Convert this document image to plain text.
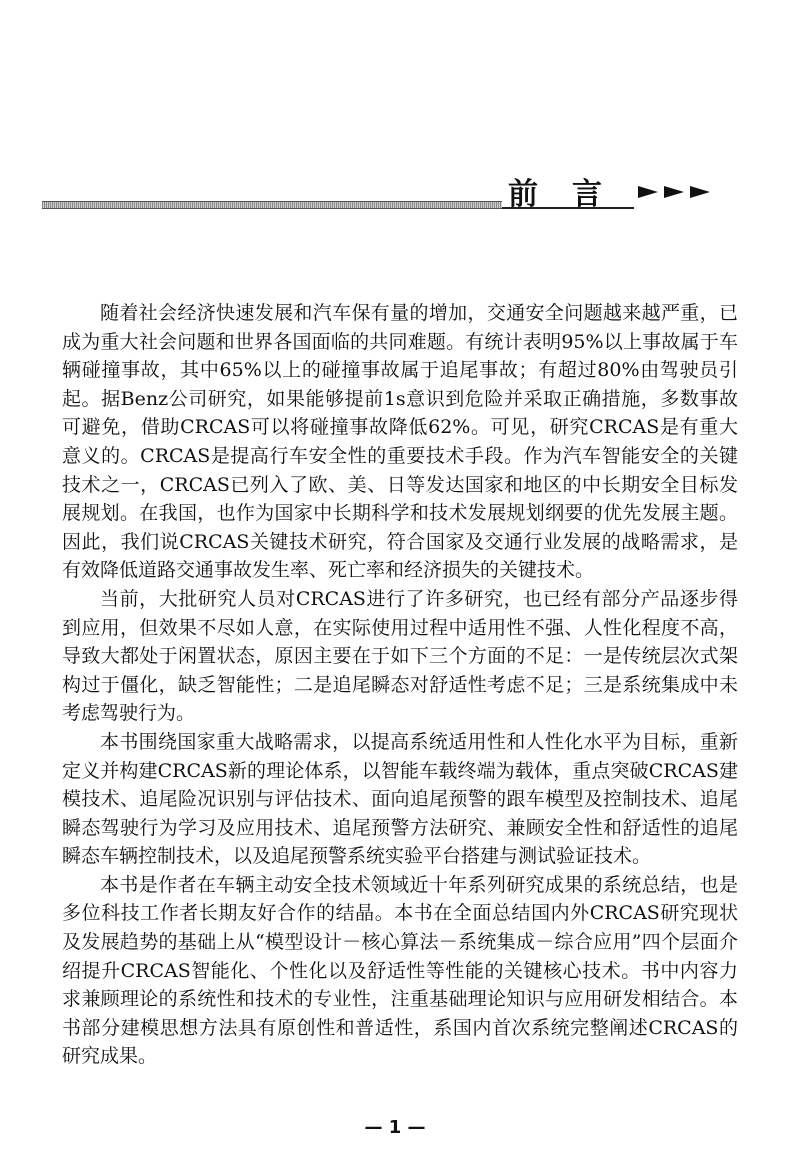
前言

随着社会经济快速发展和汽车保有量的增加，交通安全问题越来越严重，已成为重大社会问题和世界各国面临的共同难题。有统计表明95%以上事故属于车辆碰撞事故，其中65%以上的碰撞事故属于追尾事故；有超过80%由驾驶员引起。据Benz公司研究，如果能够提前1s意识到危险并采取正确措施，多数事故可避免，借助CRCAS可以将碰撞事故降低62%。可见，研究CRCAS是有重大意义的。CRCAS是提高行车安全性的重要技术手段。作为汽车智能安全的关键技术之一，CRCAS已列入了欧、美、日等发达国家和地区的中长期安全目标发展规划。在我国，也作为国家中长期科学和技术发展规划纲要的优先发展主题。因此，我们说CRCAS关键技术研究，符合国家及交通行业发展的战略需求，是有效降低道路交通事故发生率、死亡率和经济损失的关键技术。

当前，大批研究人员对CRCAS进行了许多研究，也已经有部分产品逐步得到应用，但效果不尽如人意，在实际使用过程中适用性不强、人性化程度不高，导致大都处于闲置状态，原因主要在于如下三个方面的不足：一是传统层次式架构过于僵化，缺乏智能性；二是追尾瞬态对舒适性考虑不足；三是系统集成中未考虑驾驶行为。

本书围绕国家重大战略需求，以提高系统适用性和人性化水平为目标，重新定义并构建CRCAS新的理论体系，以智能车载终端为载体，重点突破CRCAS建模技术、追尾险况识别与评估技术、面向追尾预警的跟车模型及控制技术、追尾瞬态驾驶行为学习及应用技术、追尾预警方法研究、兼顾安全性和舒适性的追尾瞬态车辆控制技术，以及追尾预警系统实验平台搭建与测试验证技术。

本书是作者在车辆主动安全技术领域近十年系列研究成果的系统总结，也是多位科技工作者长期友好合作的结晶。本书在全面总结国内外CRCAS研究现状及发展趋势的基础上从“模型设计－核心算法－系统集成－综合应用”四个层面介绍提升CRCAS智能化、个性化以及舒适性等性能的关键核心技术。书中内容力求兼顾理论的系统性和技术的专业性，注重基础理论知识与应用研发相结合。本书部分建模思想方法具有原创性和普适性，系国内首次系统完整阐述CRCAS的研究成果。

— 1 —
